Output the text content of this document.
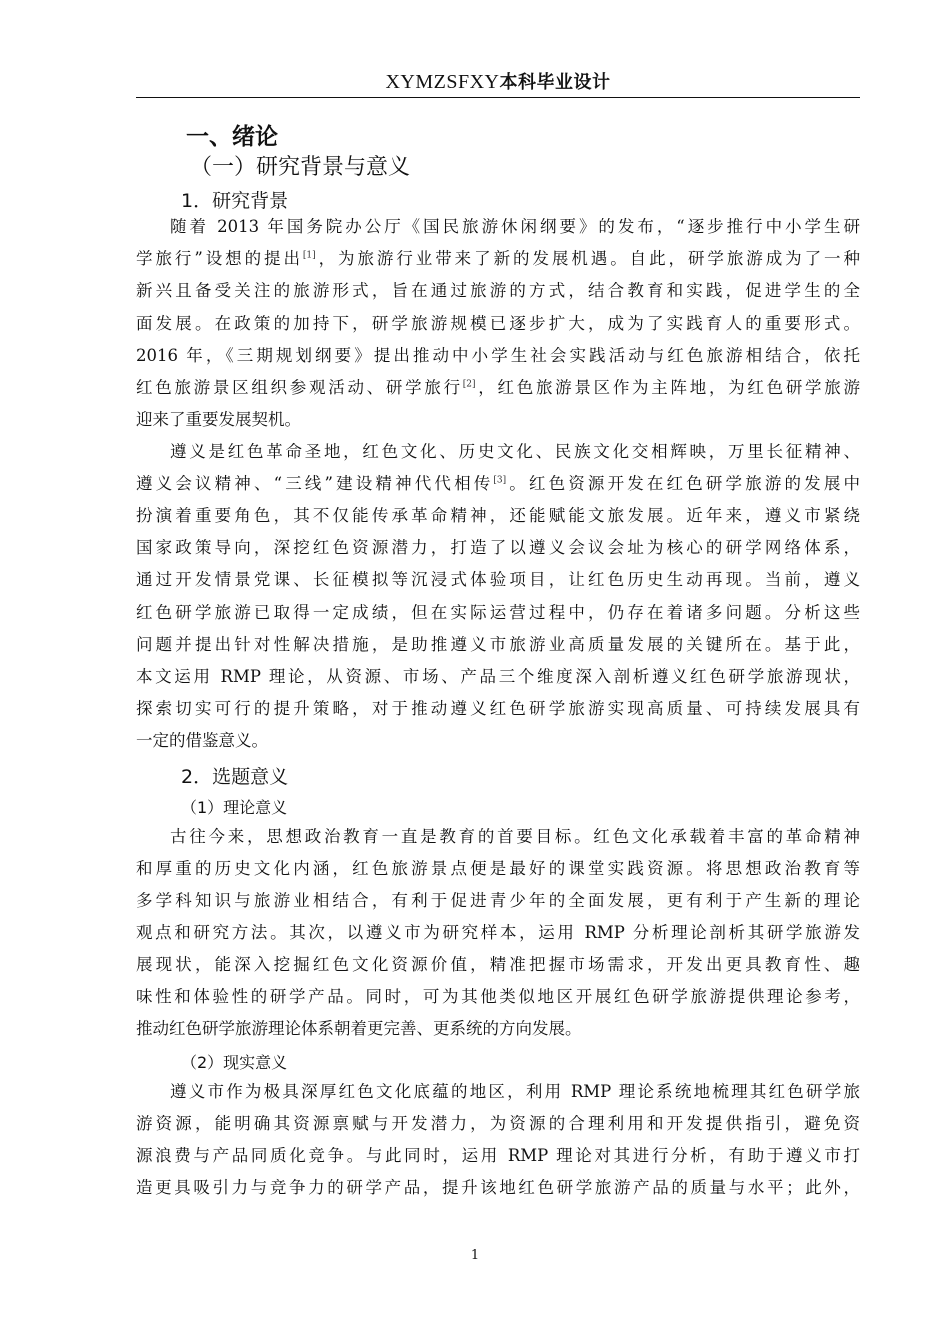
XYMZSFXY本科毕业设计
一、绪论
（一）研究背景与意义
1．研究背景
随着 2013 年国务院办公厅《国民旅游休闲纲要》的发布，“逐步推行中小学生研
学旅行”设想的提出[1]，为旅游行业带来了新的发展机遇。自此，研学旅游成为了一种
新兴且备受关注的旅游形式，旨在通过旅游的方式，结合教育和实践，促进学生的全
面发展。在政策的加持下，研学旅游规模已逐步扩大，成为了实践育人的重要形式。
2016 年，《三期规划纲要》提出推动中小学生社会实践活动与红色旅游相结合，依托
红色旅游景区组织参观活动、研学旅行[2]，红色旅游景区作为主阵地，为红色研学旅游
迎来了重要发展契机。
遵义是红色革命圣地，红色文化、历史文化、民族文化交相辉映，万里长征精神、
遵义会议精神、“三线”建设精神代代相传[3]。红色资源开发在红色研学旅游的发展中
扮演着重要角色，其不仅能传承革命精神，还能赋能文旅发展。近年来，遵义市紧绕
国家政策导向，深挖红色资源潜力，打造了以遵义会议会址为核心的研学网络体系，
通过开发情景党课、长征模拟等沉浸式体验项目，让红色历史生动再现。当前，遵义
红色研学旅游已取得一定成绩，但在实际运营过程中，仍存在着诸多问题。分析这些
问题并提出针对性解决措施，是助推遵义市旅游业高质量发展的关键所在。基于此，
本文运用 RMP 理论，从资源、市场、产品三个维度深入剖析遵义红色研学旅游现状，
探索切实可行的提升策略，对于推动遵义红色研学旅游实现高质量、可持续发展具有
一定的借鉴意义。
2．选题意义
（1）理论意义
古往今来，思想政治教育一直是教育的首要目标。红色文化承载着丰富的革命精神
和厚重的历史文化内涵，红色旅游景点便是最好的课堂实践资源。将思想政治教育等
多学科知识与旅游业相结合，有利于促进青少年的全面发展，更有利于产生新的理论
观点和研究方法。其次，以遵义市为研究样本，运用 RMP 分析理论剖析其研学旅游发
展现状，能深入挖掘红色文化资源价值，精准把握市场需求，开发出更具教育性、趣
味性和体验性的研学产品。同时，可为其他类似地区开展红色研学旅游提供理论参考，
推动红色研学旅游理论体系朝着更完善、更系统的方向发展。
（2）现实意义
遵义市作为极具深厚红色文化底蕴的地区，利用 RMP 理论系统地梳理其红色研学旅
游资源，能明确其资源禀赋与开发潜力，为资源的合理利用和开发提供指引，避免资
源浪费与产品同质化竞争。与此同时，运用 RMP 理论对其进行分析，有助于遵义市打
造更具吸引力与竞争力的研学产品，提升该地红色研学旅游产品的质量与水平；此外，
1
